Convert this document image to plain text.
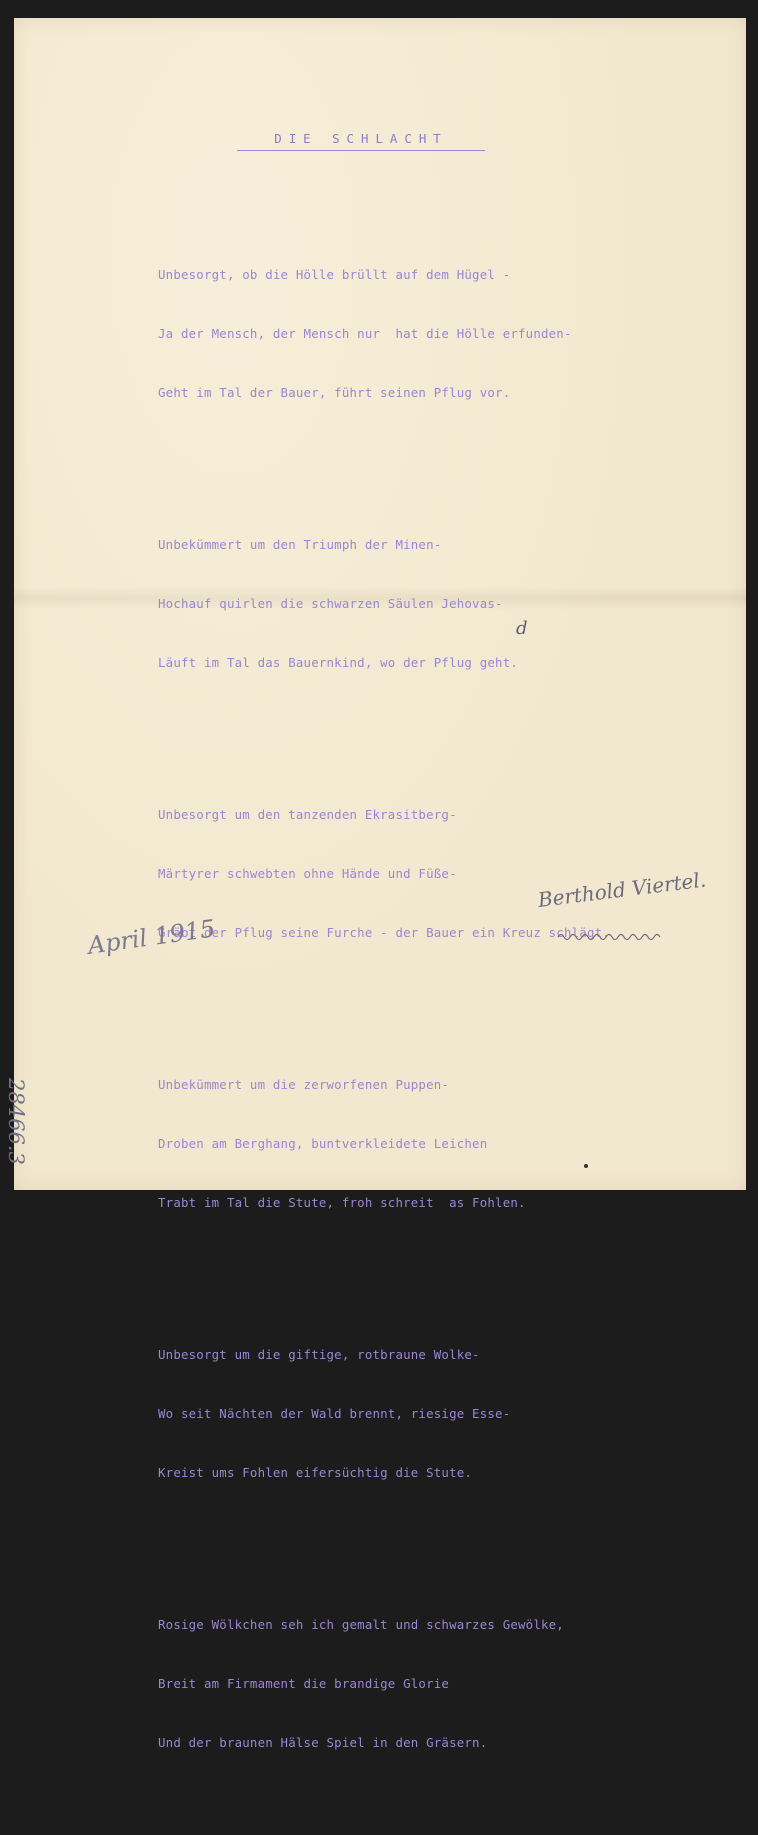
DIE SCHLACHT

Unbesorgt, ob die Hölle brüllt auf dem Hügel -

Ja der Mensch, der Mensch nur  hat die Hölle erfunden-

Geht im Tal der Bauer, führt seinen Pflug vor.

Unbekümmert um den Triumph der Minen-

Hochauf quirlen die schwarzen Säulen Jehovas-

Läuft im Tal das Bauernkind, wo der Pflug geht.

Unbesorgt um den tanzenden Ekrasitberg-

Märtyrer schwebten ohne Hände und Füße-

Gräbt der Pflug seine Furche - der Bauer ein Kreuz schlägt.

Unbekümmert um die zerworfenen Puppen-

Droben am Berghang, buntverkleidete Leichen

Trabt im Tal die Stute, froh schreit  as Fohlen.

Unbesorgt um die giftige, rotbraune Wolke-

Wo seit Nächten der Wald brennt, riesige Esse-

Kreist ums Fohlen eifersüchtig die Stute.

Rosige Wölkchen seh ich gemalt und schwarzes Gewölke,

Breit am Firmament die brandige Glorie

Und der braunen Hälse Spiel in den Gräsern.

d
Berthold Viertel.
April 1915
28466.3
